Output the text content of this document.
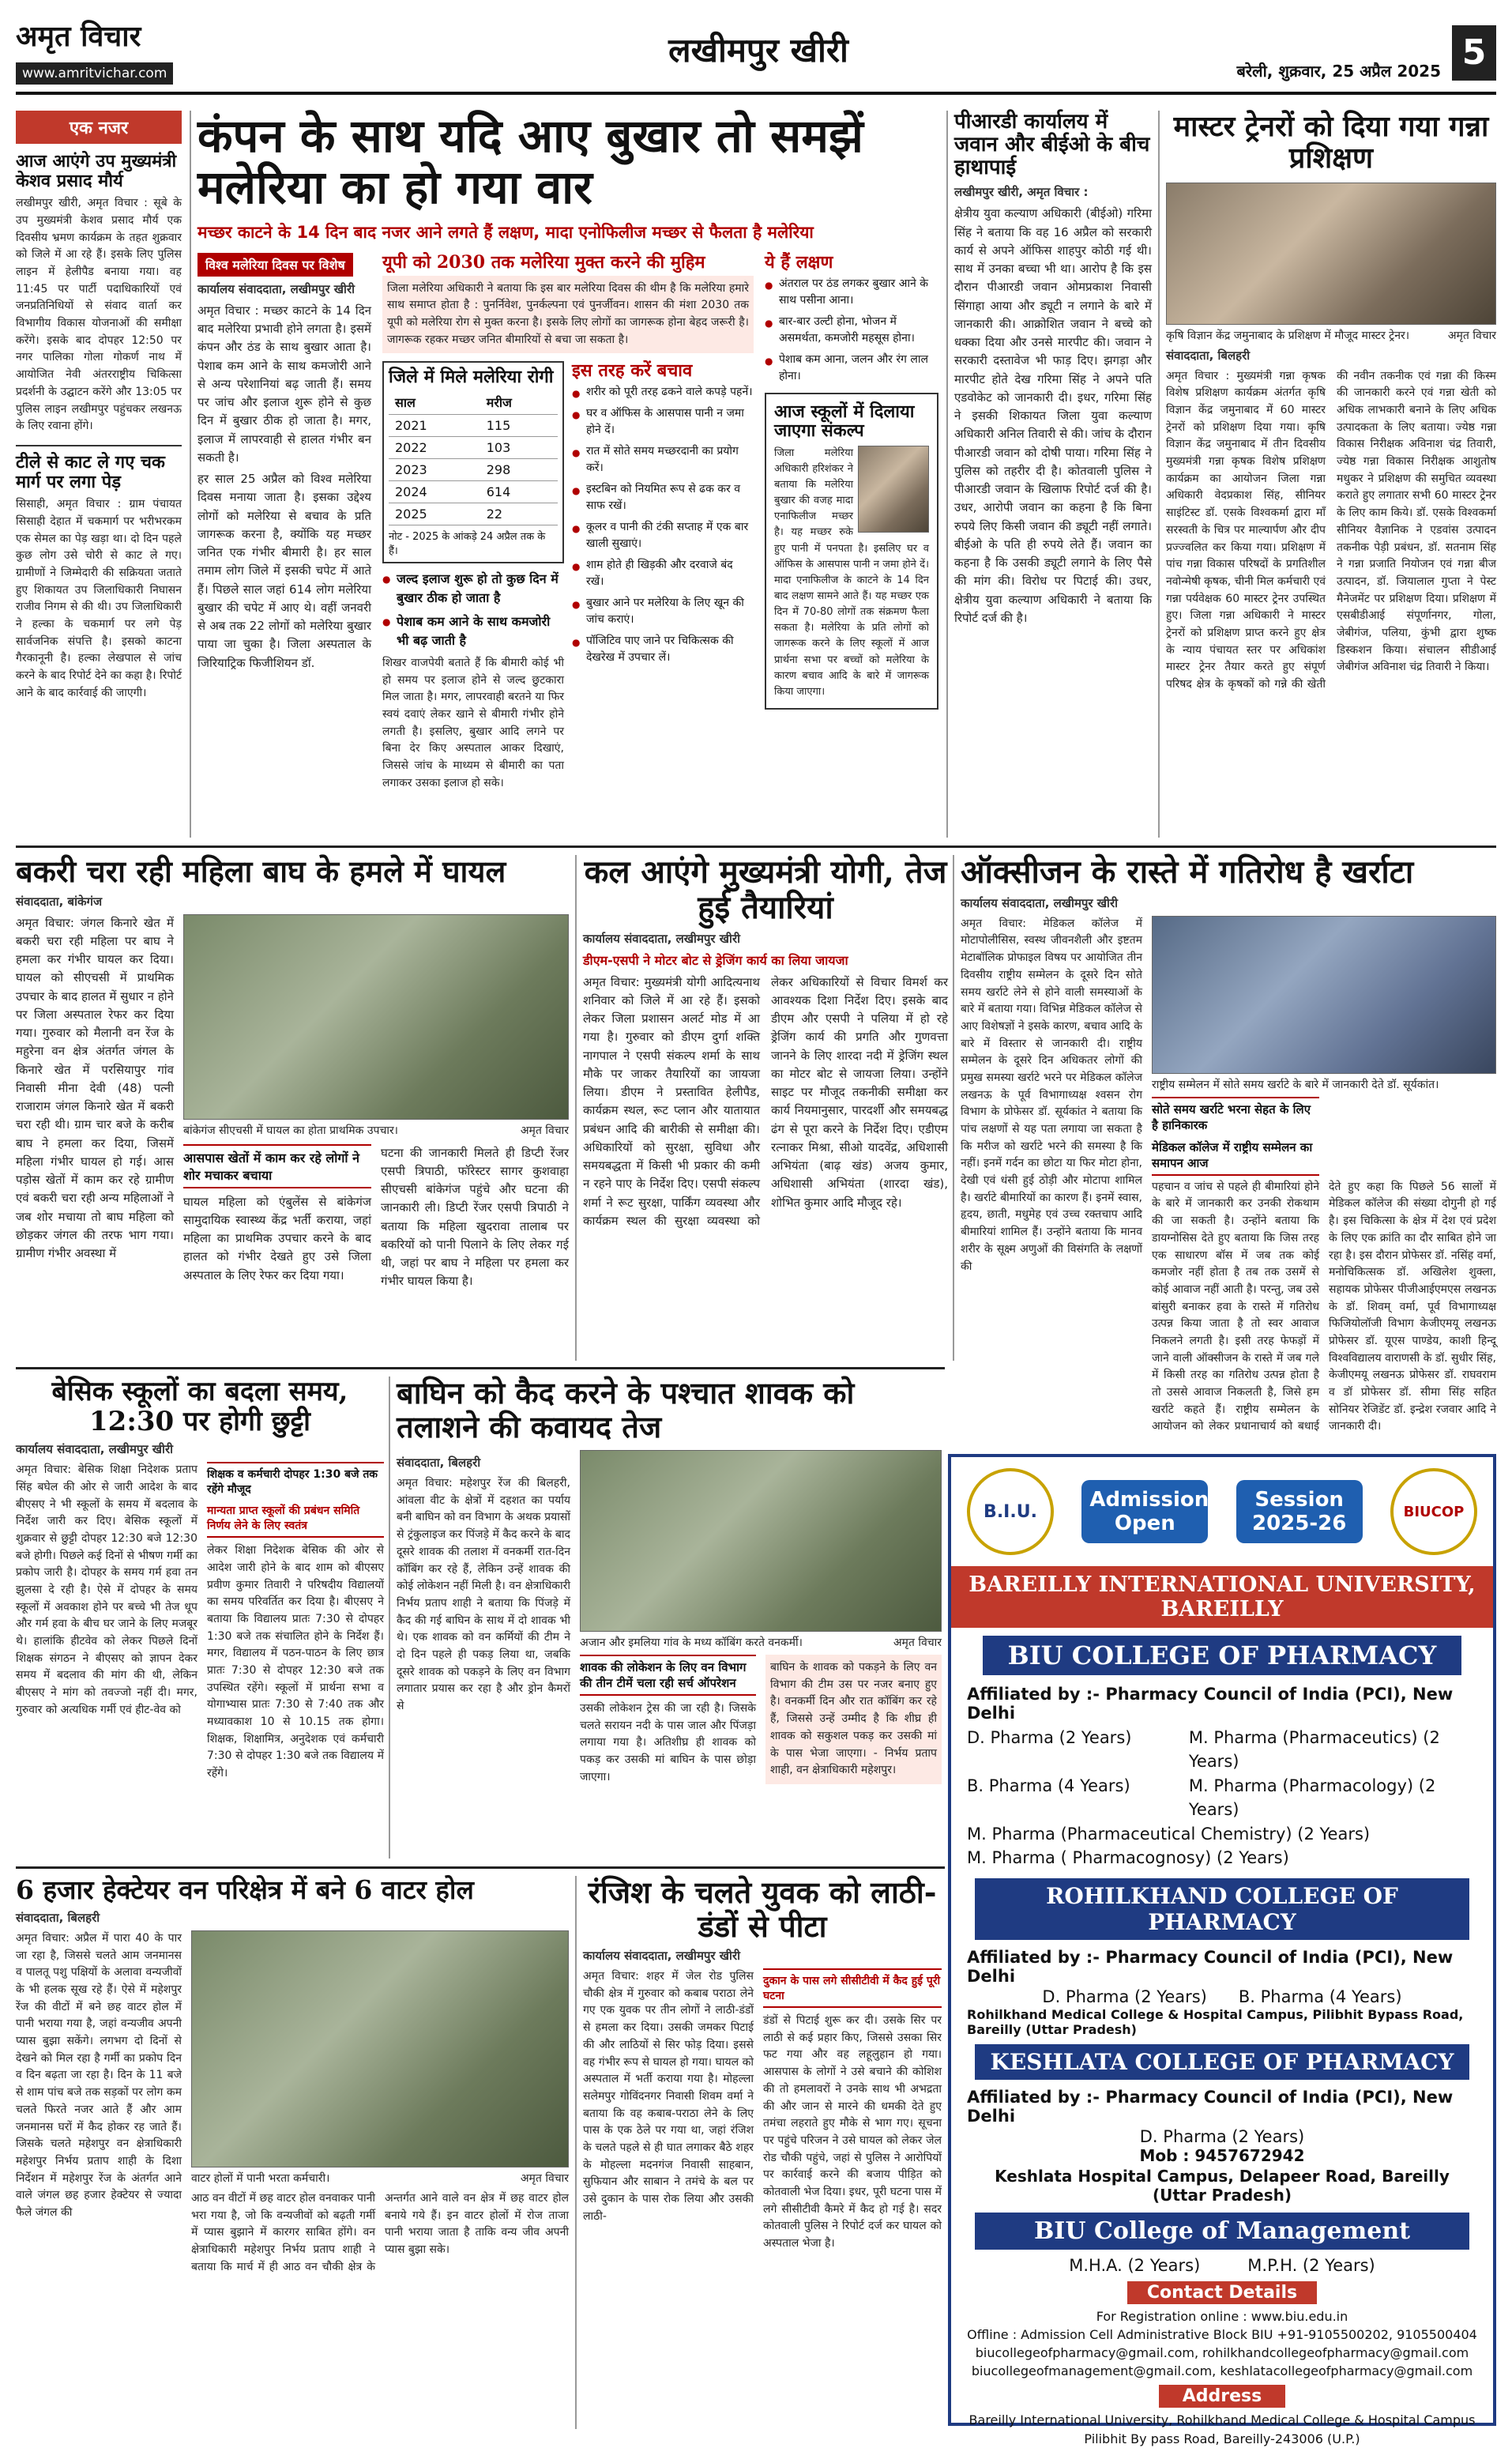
अमृत विचार
www.amritvichar.com
लखीमपुर खीरी
बरेली, शुक्रवार, 25 अप्रैल 2025 5
एक नजर
आज आएंगे उप मुख्यमंत्री केशव प्रसाद मौर्य
लखीमपुर खीरी, अमृत विचार : सूबे के उप मुख्यमंत्री केशव प्रसाद मौर्य एक दिवसीय भ्रमण कार्यक्रम के तहत शुक्रवार को जिले में आ रहे हैं। इसके लिए पुलिस लाइन में हेलीपैड बनाया गया। वह 11:45 पर पार्टी पदाधिकारियों एवं जनप्रतिनिधियों से संवाद वार्ता कर विभागीय विकास योजनाओं की समीक्षा करेंगे। इसके बाद दोपहर 12:50 पर नगर पालिका गोला गोकर्ण नाथ में आयोजित नेवी अंतरराष्ट्रीय चिकित्सा प्रदर्शनी के उद्घाटन करेंगे और 13:05 पर पुलिस लाइन लखीमपुर पहुंचकर लखनऊ के लिए रवाना होंगे।
टीले से काट ले गए चक मार्ग पर लगा पेड़
सिसाही, अमृत विचार : ग्राम पंचायत सिसाही देहात में चकमार्ग पर भरीभरकम एक सेमल का पेड़ खड़ा था। दो दिन पहले कुछ लोग उसे चोरी से काट ले गए। ग्रामीणों ने जिम्मेदारी की सक्रियता जताते हुए शिकायत उप जिलाधिकारी निघासन राजीव निगम से की थी। उप जिलाधिकारी ने हल्का के चकमार्ग पर लगे पेड़ सार्वजनिक संपत्ति है। इसको काटना गैरकानूनी है। हल्का लेखपाल से जांच करने के बाद रिपोर्ट देने का कहा है। रिपोर्ट आने के बाद कार्रवाई की जाएगी।
कंपन के साथ यदि आए बुखार तो समझें मलेरिया का हो गया वार
मच्छर काटने के 14 दिन बाद नजर आने लगते हैं लक्षण, मादा एनोफिलीज मच्छर से फैलता है मलेरिया
विश्व मलेरिया दिवस पर विशेष
कार्यालय संवाददाता, लखीमपुर खीरी
अमृत विचार : मच्छर काटने के 14 दिन बाद मलेरिया प्रभावी होने लगता है। इसमें कंपन और ठंड के साथ बुखार आता है। पेशाब कम आने के साथ कमजोरी आने से अन्य परेशानियां बढ़ जाती हैं। समय पर जांच और इलाज शुरू होने से कुछ दिन में बुखार ठीक हो जाता है। मगर, इलाज में लापरवाही से हालत गंभीर बन सकती है।
हर साल 25 अप्रैल को विश्व मलेरिया दिवस मनाया जाता है। इसका उद्देश्य लोगों को मलेरिया से बचाव के प्रति जागरूक करना है, क्योंकि यह मच्छर जनित एक गंभीर बीमारी है। हर साल तमाम लोग जिले में इसकी चपेट में आते हैं। पिछले साल जहां 614 लोग मलेरिया बुखार की चपेट में आए थे। वहीं जनवरी से अब तक 22 लोगों को मलेरिया बुखार पाया जा चुका है। जिला अस्पताल के जिरियाट्रिक फिजीशियन डॉ.
यूपी को 2030 तक मलेरिया मुक्त करने की मुहिम
जिला मलेरिया अधिकारी ने बताया कि इस बार मलेरिया दिवस की थीम है कि मलेरिया हमारे साथ समाप्त होता है : पुनर्निवेश, पुनर्कल्पना एवं पुनर्जीवन। शासन की मंशा 2030 तक यूपी को मलेरिया रोग से मुक्त करना है। इसके लिए लोगों का जागरूक होना बेहद जरूरी है। जागरूक रहकर मच्छर जनित बीमारियों से बचा जा सकता है।
जिले में मिले मलेरिया रोगी
साल	मरीज
2021	115
2022	103
2023	298
2024	614
2025	22
नोट - 2025 के आंकड़े 24 अप्रैल तक के हैं।
● जल्द इलाज शुरू हो तो कुछ दिन में बुखार ठीक हो जाता है
● पेशाब कम आने के साथ कमजोरी भी बढ़ जाती है
शिखर वाजपेयी बताते हैं कि बीमारी कोई भी हो समय पर इलाज होने से जल्द छुटकारा मिल जाता है। मगर, लापरवाही बरतने या फिर स्वयं दवाएं लेकर खाने से बीमारी गंभीर होने लगती है। इसलिए, बुखार आदि लगने पर बिना देर किए अस्पताल आकर दिखाएं, जिससे जांच के माध्यम से बीमारी का पता लगाकर उसका इलाज हो सके।
इस तरह करें बचाव
● शरीर को पूरी तरह ढकने वाले कपड़े पहनें।
● घर व ऑफिस के आसपास पानी न जमा होने दें।
● रात में सोते समय मच्छरदानी का प्रयोग करें।
● इस्टबिन को नियमित रूप से ढक कर व साफ रखें।
● कूलर व पानी की टंकी सप्ताह में एक बार खाली सुखाएं।
● शाम होते ही खिड़की और दरवाजे बंद रखें।
● बुखार आने पर मलेरिया के लिए खून की जांच कराएं।
● पॉजिटिव पाए जाने पर चिकित्सक की देखरेख में उपचार लें।
ये हैं लक्षण
● अंतराल पर ठंड लगकर बुखार आने के साथ पसीना आना।
● बार-बार उल्टी होना, भोजन में असमर्थता, कमजोरी महसूस होना।
● पेशाब कम आना, जलन और रंग लाल होना।
आज स्कूलों में दिलाया जाएगा संकल्प
जिला मलेरिया अधिकारी हरिशंकर ने बताया कि मलेरिया बुखार की वजह मादा एनाफिलीज मच्छर है। यह मच्छर रुके हुए पानी में पनपता है। इसलिए घर व ऑफिस के आसपास पानी न जमा होने दें। मादा एनाफिलीज के काटने के 14 दिन बाद लक्षण सामने आते हैं। यह मच्छर एक दिन में 70-80 लोगों तक संक्रमण फैला सकता है। मलेरिया के प्रति लोगों को जागरूक करने के लिए स्कूलों में आज प्रार्थना सभा पर बच्चों को मलेरिया के कारण बचाव आदि के बारे में जागरूक किया जाएगा।
पीआरडी कार्यालय में जवान और बीईओ के बीच हाथापाई
लखीमपुर खीरी, अमृत विचार :
क्षेत्रीय युवा कल्याण अधिकारी (बीईओ) गरिमा सिंह ने बताया कि वह 16 अप्रैल को सरकारी कार्य से अपने ऑफिस शाहपुर कोठी गई थी। साथ में उनका बच्चा भी था। आरोप है कि इस दौरान पीआरडी जवान ओमप्रकाश निवासी सिंगाहा आया और ड्यूटी न लगाने के बारे में जानकारी की। आक्रोशित जवान ने बच्चे को धक्का दिया और उनसे मारपीट की। जवान ने सरकारी दस्तावेज भी फाड़ दिए। झगड़ा और मारपीट होते देख गरिमा सिंह ने अपने पति एडवोकेट को जानकारी दी। इधर, गरिमा सिंह ने इसकी शिकायत जिला युवा कल्याण अधिकारी अनिल तिवारी से की। जांच के दौरान पीआरडी जवान को दोषी पाया। गरिमा सिंह ने पुलिस को तहरीर दी है। कोतवाली पुलिस ने पीआरडी जवान के खिलाफ रिपोर्ट दर्ज की है। उधर, आरोपी जवान का कहना है कि बिना रुपये लिए किसी जवान की ड्यूटी नहीं लगाते। बीईओ के पति ही रुपये लेते हैं। जवान का कहना है कि उसकी ड्यूटी लगाने के लिए पैसे की मांग की। विरोध पर पिटाई की। उधर, क्षेत्रीय युवा कल्याण अधिकारी ने बताया कि रिपोर्ट दर्ज की है।
मास्टर ट्रेनरों को दिया गया गन्ना प्रशिक्षण
कृषि विज्ञान केंद्र जमुनाबाद के प्रशिक्षण में मौजूद मास्टर ट्रेनर।	अमृत विचार
संवाददाता, बिलहरी
अमृत विचार : मुख्यमंत्री गन्ना कृषक विशेष प्रशिक्षण कार्यक्रम अंतर्गत कृषि विज्ञान केंद्र जमुनाबाद में 60 मास्टर ट्रेनरों को प्रशिक्षण दिया गया। कृषि विज्ञान केंद्र जमुनाबाद में तीन दिवसीय मुख्यमंत्री गन्ना कृषक विशेष प्रशिक्षण कार्यक्रम का आयोजन जिला गन्ना अधिकारी वेदप्रकाश सिंह, सीनियर साइंटिस्ट डॉ. एसके विश्वकर्मा द्वारा माँ सरस्वती के चित्र पर माल्यार्पण और दीप प्रज्ज्वलित कर किया गया। प्रशिक्षण में पांच गन्ना विकास परिषदों के प्रगतिशील नवोन्मेषी कृषक, चीनी मिल कर्मचारी एवं गन्ना पर्यवेक्षक 60 मास्टर ट्रेनर उपस्थित हुए। जिला गन्ना अधिकारी ने मास्टर ट्रेनरों को प्रशिक्षण प्राप्त करने हुए क्षेत्र के न्याय पंचायत स्तर पर अधिकांश मास्टर ट्रेनर तैयार करते हुए संपूर्ण परिषद क्षेत्र के कृषकों को गन्ने की खेती की नवीन तकनीक एवं गन्ना की किस्म की जानकारी करने एवं गन्ना खेती को अधिक लाभकारी बनाने के लिए अधिक उत्पादकता के लिए बताया। ज्येष्ठ गन्ना विकास निरीक्षक अविनाश चंद्र तिवारी, ज्येष्ठ गन्ना विकास निरीक्षक आशुतोष मधुकर ने प्रशिक्षण की समुचित व्यवस्था कराते हुए लगातार सभी 60 मास्टर ट्रेनर के लिए काम किये। डॉ. एसके विश्वकर्मा सीनियर वैज्ञानिक ने एडवांस उत्पादन तकनीक पेड़ी प्रबंधन, डॉ. सतनाम सिंह ने गन्ना प्रजाति नियोजन एवं गन्ना बीज उत्पादन, डॉ. जियालाल गुप्ता ने पेस्ट मैनेजमेंट पर प्रशिक्षण दिया। प्रशिक्षण में एसबीडीआई संपूर्णानगर, गोला, जेबीगंज, पलिया, कुंभी द्वारा शुष्क डिस्कशन किया। संचालन सीडीआई जेबीगंज अविनाश चंद्र तिवारी ने किया।
बकरी चरा रही महिला बाघ के हमले में घायल
संवाददाता, बांकेगंज
अमृत विचार: जंगल किनारे खेत में बकरी चरा रही महिला पर बाघ ने हमला कर गंभीर घायल कर दिया। घायल को सीएचसी में प्राथमिक उपचार के बाद हालत में सुधार न होने पर जिला अस्पताल रेफर कर दिया गया। गुरुवार को मैलानी वन रेंज के महुरेना वन क्षेत्र अंतर्गत जंगल के किनारे खेत में परसियापुर गांव निवासी मीना देवी (48) पत्नी राजाराम जंगल किनारे खेत में बकरी चरा रही थी। ग्राम चार बजे के करीब बाघ ने हमला कर दिया, जिसमें महिला गंभीर घायल हो गई। आस पड़ोस खेतों में काम कर रहे ग्रामीण एवं बकरी चरा रही अन्य महिलाओं ने जब शोर मचाया तो बाघ महिला को छोड़कर जंगल की तरफ भाग गया। ग्रामीण गंभीर अवस्था में
बांकेगंज सीएचसी में घायल का होता प्राथमिक उपचार।	अमृत विचार
आसपास खेतों में काम कर रहे लोगों ने शोर मचाकर बचाया
घायल महिला को एंबुलेंस से बांकेगंज सामुदायिक स्वास्थ्य केंद्र भर्ती कराया, जहां महिला का प्राथमिक उपचार करने के बाद हालत को गंभीर देखते हुए उसे जिला अस्पताल के लिए रेफर कर दिया गया।
घटना की जानकारी मिलते ही डिप्टी रेंजर एसपी त्रिपाठी, फॉरेस्टर सागर कुशवाहा सीएचसी बांकेगंज पहुंचे और घटना की जानकारी ली। डिप्टी रेंजर एसपी त्रिपाठी ने बताया कि महिला खुदरावा तालाब पर बकरियों को पानी पिलाने के लिए लेकर गई थी, जहां पर बाघ ने महिला पर हमला कर गंभीर घायल किया है।
कल आएंगे मुख्यमंत्री योगी, तेज हुई तैयारियां
कार्यालय संवाददाता, लखीमपुर खीरी
डीएम-एसपी ने मोटर बोट से ड्रेजिंग कार्य का लिया जायजा
अमृत विचार: मुख्यमंत्री योगी आदित्यनाथ शनिवार को जिले में आ रहे हैं। इसको लेकर जिला प्रशासन अलर्ट मोड में आ गया है। गुरुवार को डीएम दुर्गा शक्ति नागपाल ने एसपी संकल्प शर्मा के साथ मौके पर जाकर तैयारियों का जायजा लिया। डीएम ने प्रस्तावित हेलीपैड, कार्यक्रम स्थल, रूट प्लान और यातायात प्रबंधन आदि की बारीकी से समीक्षा की। अधिकारियों को सुरक्षा, सुविधा और समयबद्धता में किसी भी प्रकार की कमी न रहने पाए के निर्देश दिए। एसपी संकल्प शर्मा ने रूट सुरक्षा, पार्किंग व्यवस्था और कार्यक्रम स्थल की सुरक्षा व्यवस्था को लेकर अधिकारियों से विचार विमर्श कर आवश्यक दिशा निर्देश दिए। इसके बाद डीएम और एसपी ने पलिया में हो रहे ड्रेजिंग कार्य की प्रगति और गुणवत्ता जानने के लिए शारदा नदी में ड्रेजिंग स्थल का मोटर बोट से जायजा लिया। उन्होंने साइट पर मौजूद तकनीकी समीक्षा कर कार्य नियमानुसार, पारदर्शी और समयबद्ध ढंग से पूरा करने के निर्देश दिए। एडीएम रत्नाकर मिश्रा, सीओ यादवेंद्र, अधिशासी अभियंता (बाढ़ खंड) अजय कुमार, अधिशासी अभियंता (शारदा खंड), शोभित कुमार आदि मौजूद रहे।
ऑक्सीजन के रास्ते में गतिरोध है खर्राटा
कार्यालय संवाददाता, लखीमपुर खीरी
अमृत विचार: मेडिकल कॉलेज में मोटापोलीसिस, स्वस्थ जीवनशैली और इष्टतम मेटाबॉलिक प्रोफाइल विषय पर आयोजित तीन दिवसीय राष्ट्रीय सम्मेलन के दूसरे दिन सोते समय खर्राटे लेने से होने वाली समस्याओं के बारे में बताया गया। विभिन्न मेडिकल कॉलेज से आए विशेषज्ञों ने इसके कारण, बचाव आदि के बारे में विस्तार से जानकारी दी। राष्ट्रीय सम्मेलन के दूसरे दिन अधिकतर लोगों की प्रमुख समस्या खर्राटे भरने पर मेडिकल कॉलेज लखनऊ के पूर्व विभागाध्यक्ष श्वसन रोग विभाग के प्रोफेसर डॉ. सूर्यकांत ने बताया कि पांच लक्षणों से यह पता लगाया जा सकता है कि मरीज को खर्राटे भरने की समस्या है कि नहीं। इनमें गर्दन का छोटा या फिर मोटा होना, देखी एवं धंसी हुई ठोड़ी और मोटापा शामिल है। खर्राटे बीमारियों का कारण हैं। इनमें स्वास, हृदय, छाती, मधुमेह एवं उच्च रक्तचाप आदि बीमारियां शामिल हैं। उन्होंने बताया कि मानव शरीर के सूक्ष्म अणुओं की विसंगति के लक्षणों की
राष्ट्रीय सम्मेलन में सोते समय खर्राटे के बारे में जानकारी देते डॉ. सूर्यकांत।
सोते समय खर्राटे भरना सेहत के लिए है हानिकारक
मेडिकल कॉलेज में राष्ट्रीय सम्मेलन का समापन आज
पहचान व जांच से पहले ही बीमारियां होने के बारे में जानकारी कर उनकी रोकथाम की जा सकती है। उन्होंने बताया कि डायग्नोसिस देते हुए बताया कि जिस तरह एक साधारण बॉस में जब तक कोई कमजोर नहीं होता है तब तक उसमें से कोई आवाज नहीं आती है। परन्तु, जब उसे बांसुरी बनाकर हवा के रास्ते में गतिरोध उत्पन्न किया जाता है तो स्वर आवाज निकलने लगती है। इसी तरह फेफड़ों में जाने वाली ऑक्सीजन के रास्ते में जब गले में किसी तरह का गतिरोध उत्पन्न होता है तो उससे आवाज निकलती है, जिसे हम खर्राटे कहते हैं। राष्ट्रीय सम्मेलन के आयोजन को लेकर प्रधानाचार्य को बधाई देते हुए कहा कि पिछले 56 सालों में मेडिकल कॉलेज की संख्या दोगुनी हो गई है। इस चिकित्सा के क्षेत्र में देश एवं प्रदेश के लिए एक क्रांति का दौर साबित होने जा रहा है। इस दौरान प्रोफेसर डॉ. नसिंह वर्मा, मनोचिकित्सक डॉ. अखिलेश शुक्ला, सहायक प्रोफेसर पीजीआईएमएस लखनऊ के डॉ. शिवम् वर्मा, पूर्व विभागाध्यक्ष फिजियोलॉजी विभाग केजीएमयू लखनऊ प्रोफेसर डॉ. यूएस पाण्डेय, काशी हिन्दू विश्वविद्यालय वाराणसी के डॉ. सुधीर सिंह, केजीएमयू लखनऊ प्रोफेसर डॉ. राघवराम व डॉ प्रोफेसर डॉ. सीमा सिंह सहित सोनियर रेजिडेंट डॉ. इन्द्रेश रजवार आदि ने जानकारी दी।
बेसिक स्कूलों का बदला समय, 12:30 पर होगी छुट्टी
कार्यालय संवाददाता, लखीमपुर खीरी
अमृत विचार: बेसिक शिक्षा निदेशक प्रताप सिंह बघेल की ओर से जारी आदेश के बाद बीएसए ने भी स्कूलों के समय में बदलाव के निर्देश जारी कर दिए। बेसिक स्कूलों में शुक्रवार से छुट्टी दोपहर 12:30 बजे 12:30 बजे होगी। पिछले कई दिनों से भीषण गर्मी का प्रकोप जारी है। दोपहर के समय गर्म हवा तन झुलसा दे रही है। ऐसे में दोपहर के समय स्कूलों में अवकाश होने पर बच्चे भी तेज धूप और गर्म हवा के बीच घर जाने के लिए मजबूर थे। हालांकि हीटवेव को लेकर पिछले दिनों शिक्षक संगठन ने बीएसए को ज्ञापन देकर समय में बदलाव की मांग की थी, लेकिन बीएसए ने मांग को तवज्जो नहीं दी। मगर, गुरुवार को अत्यधिक गर्मी एवं हीट-वेव को
शिक्षक व कर्मचारी दोपहर 1:30 बजे तक रहेंगे मौजूद
मान्यता प्राप्त स्कूलों की प्रबंधन समिति निर्णय लेने के लिए स्वतंत्र
लेकर शिक्षा निदेशक बेसिक की ओर से आदेश जारी होने के बाद शाम को बीएसए प्रवीण कुमार तिवारी ने परिषदीय विद्यालयों का समय परिवर्तित कर दिया है। बीएसए ने बताया कि विद्यालय प्रातः 7:30 से दोपहर 1:30 बजे तक संचालित होने के निर्देश हैं। मगर, विद्यालय में पठन-पाठन के लिए छात्र प्रातः 7:30 से दोपहर 12:30 बजे तक उपस्थित रहेंगे। स्कूलों में प्रार्थना सभा व योगाभ्यास प्रातः 7:30 से 7:40 तक और मध्यावकाश 10 से 10.15 तक होगा। शिक्षक, शिक्षामित्र, अनुदेशक एवं कर्मचारी 7:30 से दोपहर 1:30 बजे तक विद्यालय में रहेंगे।
बाघिन को कैद करने के पश्चात शावक को तलाशने की कवायद तेज
संवाददाता, बिलहरी
अमृत विचार: महेशपुर रेंज की बिलहरी, आंवला वीट के क्षेत्रों में दहशत का पर्याय बनी बाघिन को वन विभाग के अथक प्रयासों से ट्रंकुलाइज कर पिंजड़े में कैद करने के बाद दूसरे शावक की तलाश में वनकर्मी रात-दिन कॉबिंग कर रहे हैं, लेकिन उन्हें शावक की कोई लोकेशन नहीं मिली है। वन क्षेत्राधिकारी निर्भय प्रताप शाही ने बताया कि पिंजड़े में कैद की गई बाघिन के साथ में दो शावक भी थे। एक शावक को वन कर्मियों की टीम ने दो दिन पहले ही पकड़ लिया था, जबकि दूसरे शावक को पकड़ने के लिए वन विभाग लगातार प्रयास कर रहा है और ड्रोन कैमरों से
अजान और इमलिया गांव के मध्य कॉबिंग करते वनकर्मी।	अमृत विचार
शावक की लोकेशन के लिए वन विभाग की तीन टीमें चला रही सर्च ऑपरेशन
उसकी लोकेशन ट्रेस की जा रही है। जिसके चलते सरायन नदी के पास जाल और पिंजड़ा लगाया गया है। अतिशीघ्र ही शावक को पकड़ कर उसकी मां बाघिन के पास छोड़ा जाएगा।
बाघिन के शावक को पकड़ने के लिए वन विभाग की टीम उस पर नजर बनाए हुए है। वनकर्मी दिन और रात कॉबिंग कर रहे हैं, जिससे उन्हें उम्मीद है कि शीघ्र ही शावक को सकुशल पकड़ कर उसकी मां के पास भेजा जाएगा। - निर्भय प्रताप शाही, वन क्षेत्राधिकारी महेशपुर।
6 हजार हेक्टेयर वन परिक्षेत्र में बने 6 वाटर होल
संवाददाता, बिलहरी
अमृत विचार: अप्रैल में पारा 40 के पार जा रहा है, जिससे चलते आम जनमानस व पालतू पशु पक्षियों के अलावा वन्यजीवों के भी हलक सूख रहे हैं। ऐसे में महेशपुर रेंज की वीटों में बने छह वाटर होल में पानी भराया गया है, जहां वन्यजीव अपनी प्यास बुझा सकेंगे। लगभग दो दिनों से देखने को मिल रहा है गर्मी का प्रकोप दिन व दिन बढ़ता जा रहा है। दिन के 11 बजे से शाम पांच बजे तक सड़कों पर लोग कम चलते फिरते नजर आते हैं और आम जनमानस घरों में कैद होकर रह जाते हैं। जिसके चलते महेशपुर वन क्षेत्राधिकारी महेशपुर निर्भय प्रताप शाही के दिशा निर्देशन में महेशपुर रेंज के अंतर्गत आने वाले जंगल छह हजार हेक्टेयर से ज्यादा फैले जंगल की
वाटर होलों में पानी भरता कर्मचारी।	अमृत विचार
आठ वन वीटों में छह वाटर होल वनवाकर पानी भरा गया है, जो कि वन्यजीवों को बढ़ती गर्मी में प्यास बुझाने में कारगर साबित होंगे। वन क्षेत्राधिकारी महेशपुर निर्भय प्रताप शाही ने बताया कि मार्च में ही आठ वन चौकी क्षेत्र के अन्तर्गत आने वाले वन क्षेत्र में छह वाटर होल बनाये गये हैं। इन वाटर होलों में रोज ताजा पानी भराया जाता है ताकि वन्य जीव अपनी प्यास बुझा सके।
रंजिश के चलते युवक को लाठी-डंडों से पीटा
कार्यालय संवाददाता, लखीमपुर खीरी
अमृत विचार: शहर में जेल रोड पुलिस चौकी क्षेत्र में गुरुवार को कबाब पराठा लेने गए एक युवक पर तीन लोगों ने लाठी-डंडों से हमला कर दिया। उसकी जमकर पिटाई की और लाठियों से सिर फोड़ दिया। इससे वह गंभीर रूप से घायल हो गया। घायल को अस्पताल में भर्ती कराया गया है। मोहल्ला सलेमपुर गोविंदनगर निवासी शिवम वर्मा ने बताया कि वह कबाब-पराठा लेने के लिए पास के एक ठेले पर गया था, जहां रंजिश के चलते पहले से ही घात लगाकर बैठे शहर के मोहल्ला मदनगंज निवासी साहबान, सुफियान और साबान ने तमंचे के बल पर उसे दुकान के पास रोक लिया और उसकी लाठी-
दुकान के पास लगे सीसीटीवी में कैद हुई पूरी घटना
डंडों से पिटाई शुरू कर दी। उसके सिर पर लाठी से कई प्रहार किए, जिससे उसका सिर फट गया और वह लहूलुहान हो गया। आसपास के लोगों ने उसे बचाने की कोशिश की तो हमलावरों ने उनके साथ भी अभद्रता की और जान से मारने की धमकी देते हुए तमंचा लहराते हुए मौके से भाग गए। सूचना पर पहुंचे परिजन ने उसे घायल को लेकर जेल रोड चौकी पहुंचे, जहां से पुलिस ने आरोपियों पर कार्रवाई करने की बजाय पीड़ित को कोतवाली भेज दिया। इधर, पूरी घटना पास में लगे सीसीटीवी कैमरे में कैद हो गई है। सदर कोतवाली पुलिस ने रिपोर्ट दर्ज कर घायल को अस्पताल भेजा है।
B.I.U.	Admission Open
Session 2025-26	BIUCOP
BAREILLY INTERNATIONAL UNIVERSITY, BAREILLY
BIU COLLEGE OF PHARMACY
Affiliated by :- Pharmacy Council of India (PCI), New Delhi
D. Pharma (2 Years)	M. Pharma (Pharmaceutics) (2 Years)
B. Pharma (4 Years)	M. Pharma (Pharmacology) (2 Years)
M. Pharma (Pharmaceutical Chemistry) (2 Years)
M. Pharma ( Pharmacognosy) (2 Years)
ROHILKHAND COLLEGE OF PHARMACY
Affiliated by :- Pharmacy Council of India (PCI), New Delhi
D. Pharma (2 Years) B. Pharma (4 Years)
Rohilkhand Medical College & Hospital Campus, Pilibhit Bypass Road, Bareilly (Uttar Pradesh)
KESHLATA COLLEGE OF PHARMACY
Affiliated by :- Pharmacy Council of India (PCI), New Delhi
D. Pharma (2 Years)
Mob : 9457672942
Keshlata Hospital Campus, Delapeer Road, Bareilly (Uttar Pradesh)
BIU College of Management
M.H.A. (2 Years)	M.P.H. (2 Years)
Contact Details
For Registration online : www.biu.edu.in
Offline : Admission Cell Administrative Block BIU +91-9105500202, 9105500404
biucollegeofpharmacy@gmail.com, rohilkhandcollegeofpharmacy@gmail.com
biucollegeofmanagement@gmail.com, keshlatacollegeofpharmacy@gmail.com
Address
Bareilly International University, Rohilkhand Medical College & Hospital Campus
Pilibhit By pass Road, Bareilly-243006 (U.P.)
